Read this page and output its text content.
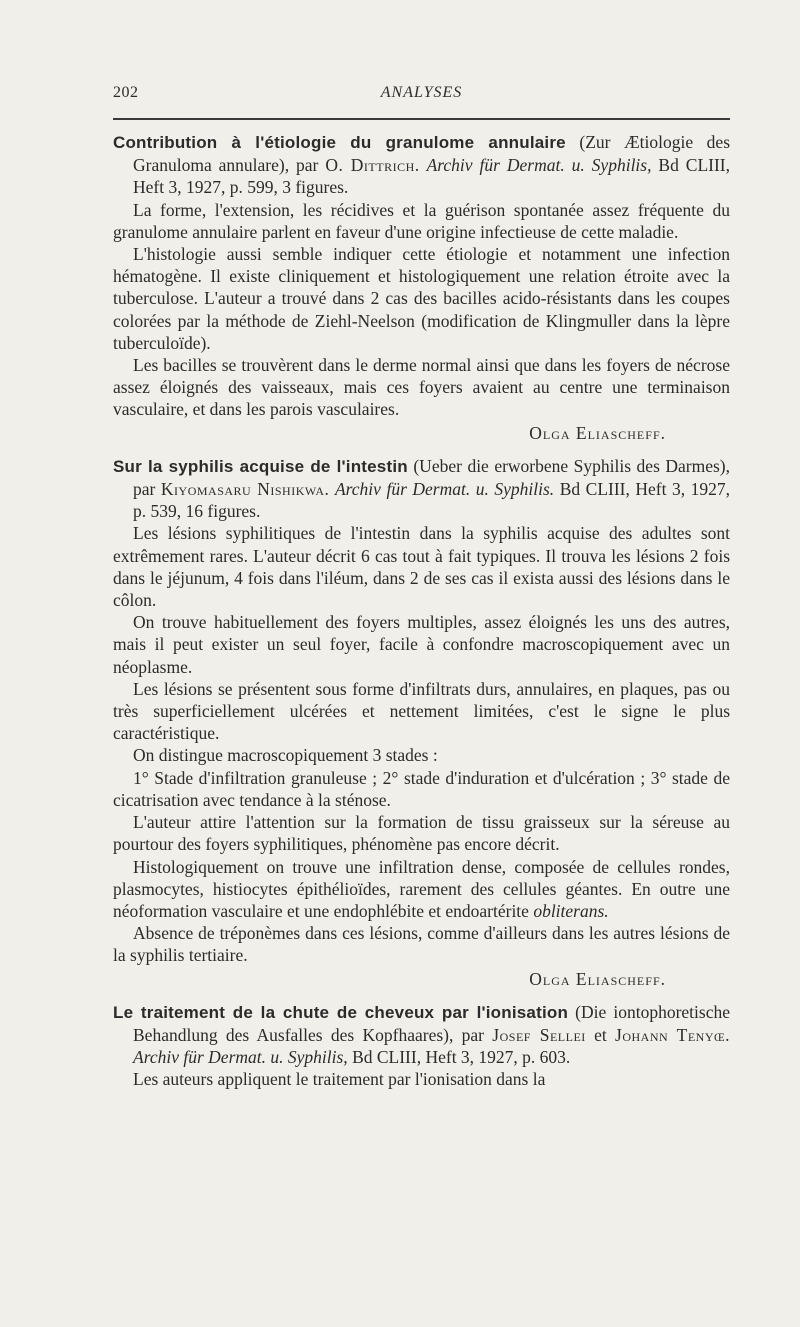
202	ANALYSES

Contribution à l'étiologie du granulome annulaire (Zur Ætiologie des Granuloma annulare), par O. Dittrich. Archiv für Dermat. u. Syphilis, Bd CLIII, Heft 3, 1927, p. 599, 3 figures.

La forme, l'extension, les récidives et la guérison spontanée assez fréquente du granulome annulaire parlent en faveur d'une origine infectieuse de cette maladie.

L'histologie aussi semble indiquer cette étiologie et notamment une infection hématogène. Il existe cliniquement et histologiquement une relation étroite avec la tuberculose. L'auteur a trouvé dans 2 cas des bacilles acido-résistants dans les coupes colorées par la méthode de Ziehl-Neelson (modification de Klingmuller dans la lèpre tuberculoïde).

Les bacilles se trouvèrent dans le derme normal ainsi que dans les foyers de nécrose assez éloignés des vaisseaux, mais ces foyers avaient au centre une terminaison vasculaire, et dans les parois vasculaires.

Olga Eliascheff.

Sur la syphilis acquise de l'intestin (Ueber die erworbene Syphilis des Darmes), par Kiyomasaru Nishikwa. Archiv für Dermat. u. Syphilis. Bd CLIII, Heft 3, 1927, p. 539, 16 figures.

Les lésions syphilitiques de l'intestin dans la syphilis acquise des adultes sont extrêmement rares. L'auteur décrit 6 cas tout à fait typiques. Il trouva les lésions 2 fois dans le jéjunum, 4 fois dans l'iléum, dans 2 de ses cas il exista aussi des lésions dans le côlon.

On trouve habituellement des foyers multiples, assez éloignés les uns des autres, mais il peut exister un seul foyer, facile à confondre macroscopiquement avec un néoplasme.

Les lésions se présentent sous forme d'infiltrats durs, annulaires, en plaques, pas ou très superficiellement ulcérées et nettement limitées, c'est le signe le plus caractéristique.

On distingue macroscopiquement 3 stades :

1° Stade d'infiltration granuleuse ; 2° stade d'induration et d'ulcération ; 3° stade de cicatrisation avec tendance à la sténose.

L'auteur attire l'attention sur la formation de tissu graisseux sur la séreuse au pourtour des foyers syphilitiques, phénomène pas encore décrit.

Histologiquement on trouve une infiltration dense, composée de cellules rondes, plasmocytes, histiocytes épithélioïdes, rarement des cellules géantes. En outre une néoformation vasculaire et une endophlébite et endoartérite obliterans.

Absence de tréponèmes dans ces lésions, comme d'ailleurs dans les autres lésions de la syphilis tertiaire.

Olga Eliascheff.

Le traitement de la chute de cheveux par l'ionisation (Die iontophoretische Behandlung des Ausfalles des Kopfhaares), par Josef Sellei et Johann Tenyœ. Archiv für Dermat. u. Syphilis, Bd CLIII, Heft 3, 1927, p. 603.

Les auteurs appliquent le traitement par l'ionisation dans la
